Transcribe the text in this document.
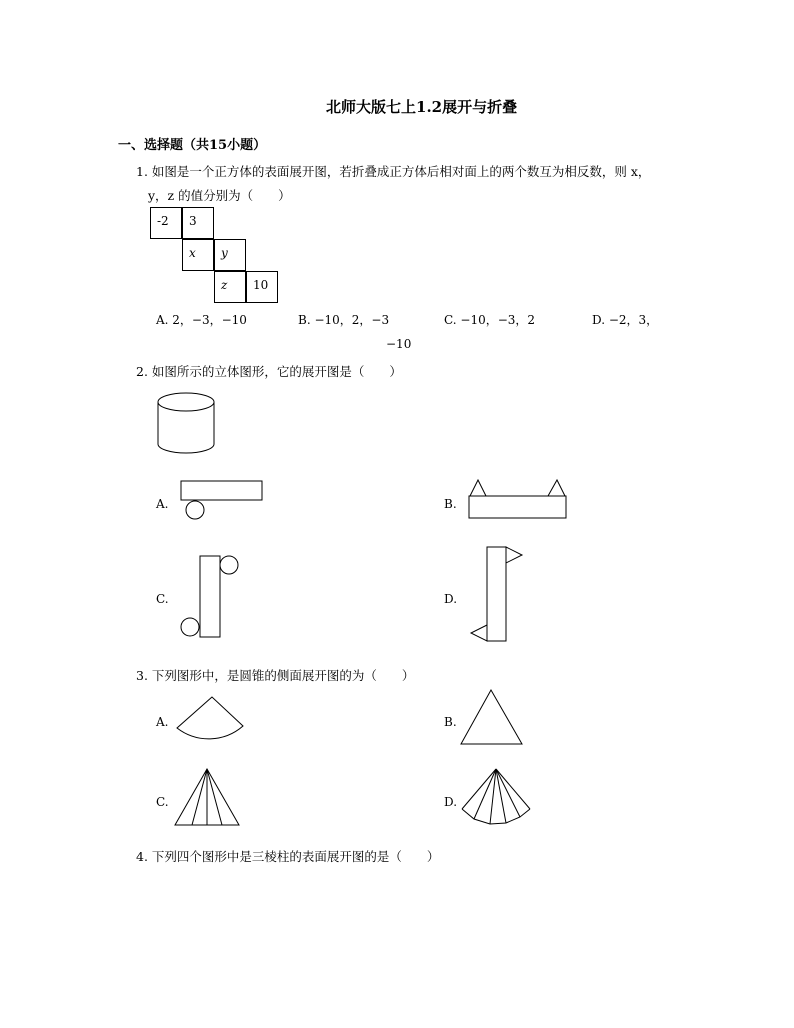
北师大版七上1.2展开与折叠
一、选择题（共15小题）
1. 如图是一个正方体的表面展开图，若折叠成正方体后相对面上的两个数互为相反数，则 x，
y，z 的值分别为（　　）
-2	3
x	y
z	10
A. 2，−3，−10	B. −10，2，−3	C. −10，−3，2	D. −2，3，
−10
2. 如图所示的立体图形，它的展开图是（　　）
A.	B.
C.	D.
3. 下列图形中，是圆锥的侧面展开图的为（　　）
A.	B.
C.	D.
4. 下列四个图形中是三棱柱的表面展开图的是（　　）
